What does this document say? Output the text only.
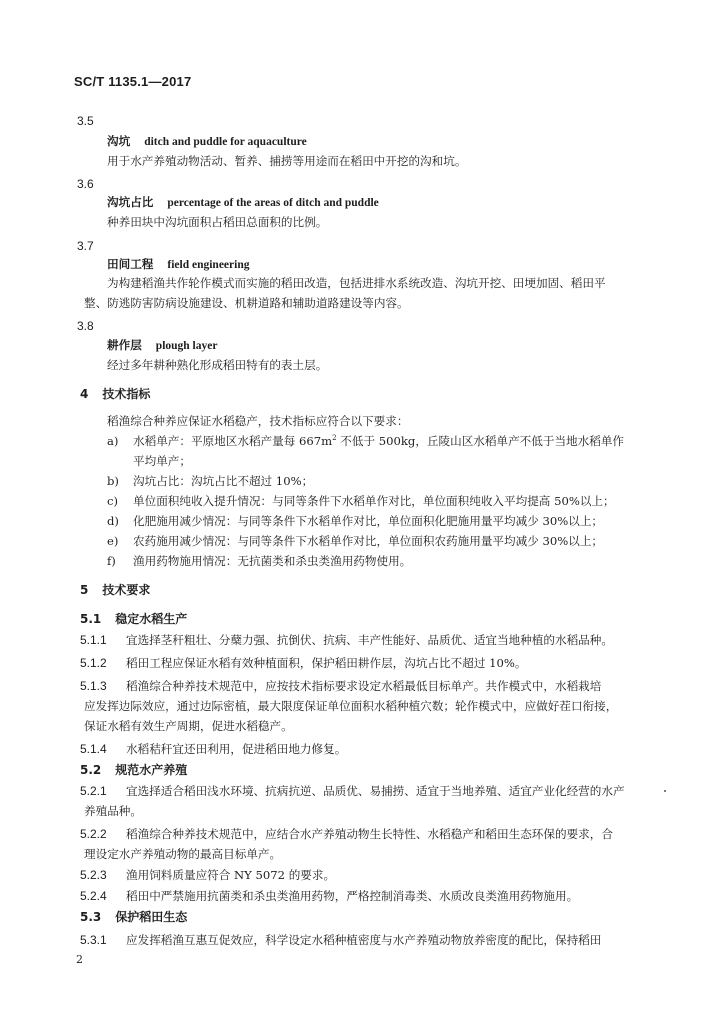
SC/T 1135.1—2017
3.5
沟坑 ditch and puddle for aquaculture
用于水产养殖动物活动、暂养、捕捞等用途而在稻田中开挖的沟和坑。
3.6
沟坑占比 percentage of the areas of ditch and puddle
种养田块中沟坑面积占稻田总面积的比例。
3.7
田间工程 field engineering
为构建稻渔共作轮作模式而实施的稻田改造，包括进排水系统改造、沟坑开挖、田埂加固、稻田平
整、防逃防害防病设施建设、机耕道路和辅助道路建设等内容。
3.8
耕作层 plough layer
经过多年耕种熟化形成稻田特有的表土层。
4 技术指标
稻渔综合种养应保证水稻稳产，技术指标应符合以下要求：
a) 水稻单产：平原地区水稻产量每 $667m^2$ 不低于 500kg，丘陵山区水稻单产不低于当地水稻单作
平均单产；
b) 沟坑占比：沟坑占比不超过 10%；
c) 单位面积纯收入提升情况：与同等条件下水稻单作对比，单位面积纯收入平均提高 50%以上；
d) 化肥施用减少情况：与同等条件下水稻单作对比，单位面积化肥施用量平均减少 30%以上；
e) 农药施用减少情况：与同等条件下水稻单作对比，单位面积农药施用量平均减少 30%以上；
f) 渔用药物施用情况：无抗菌类和杀虫类渔用药物使用。
5 技术要求
5.1 稳定水稻生产
5.1.1 宜选择茎秆粗壮、分蘖力强、抗倒伏、抗病、丰产性能好、品质优、适宜当地种植的水稻品种。
5.1.2 稻田工程应保证水稻有效种植面积，保护稻田耕作层，沟坑占比不超过 10%。
5.1.3 稻渔综合种养技术规范中，应按技术指标要求设定水稻最低目标单产。共作模式中，水稻栽培
应发挥边际效应，通过边际密植，最大限度保证单位面积水稻种植穴数；轮作模式中，应做好茬口衔接，
保证水稻有效生产周期，促进水稻稳产。
5.1.4 水稻秸秆宜还田利用，促进稻田地力修复。
5.2 规范水产养殖
5.2.1 宜选择适合稻田浅水环境、抗病抗逆、品质优、易捕捞、适宜于当地养殖、适宜产业化经营的水产
养殖品种。
5.2.2 稻渔综合种养技术规范中，应结合水产养殖动物生长特性、水稻稳产和稻田生态环保的要求，合
理设定水产养殖动物的最高目标单产。
5.2.3 渔用饲料质量应符合 NY 5072 的要求。
5.2.4 稻田中严禁施用抗菌类和杀虫类渔用药物，严格控制消毒类、水质改良类渔用药物施用。
5.3 保护稻田生态
5.3.1 应发挥稻渔互惠互促效应，科学设定水稻种植密度与水产养殖动物放养密度的配比，保持稻田
2
